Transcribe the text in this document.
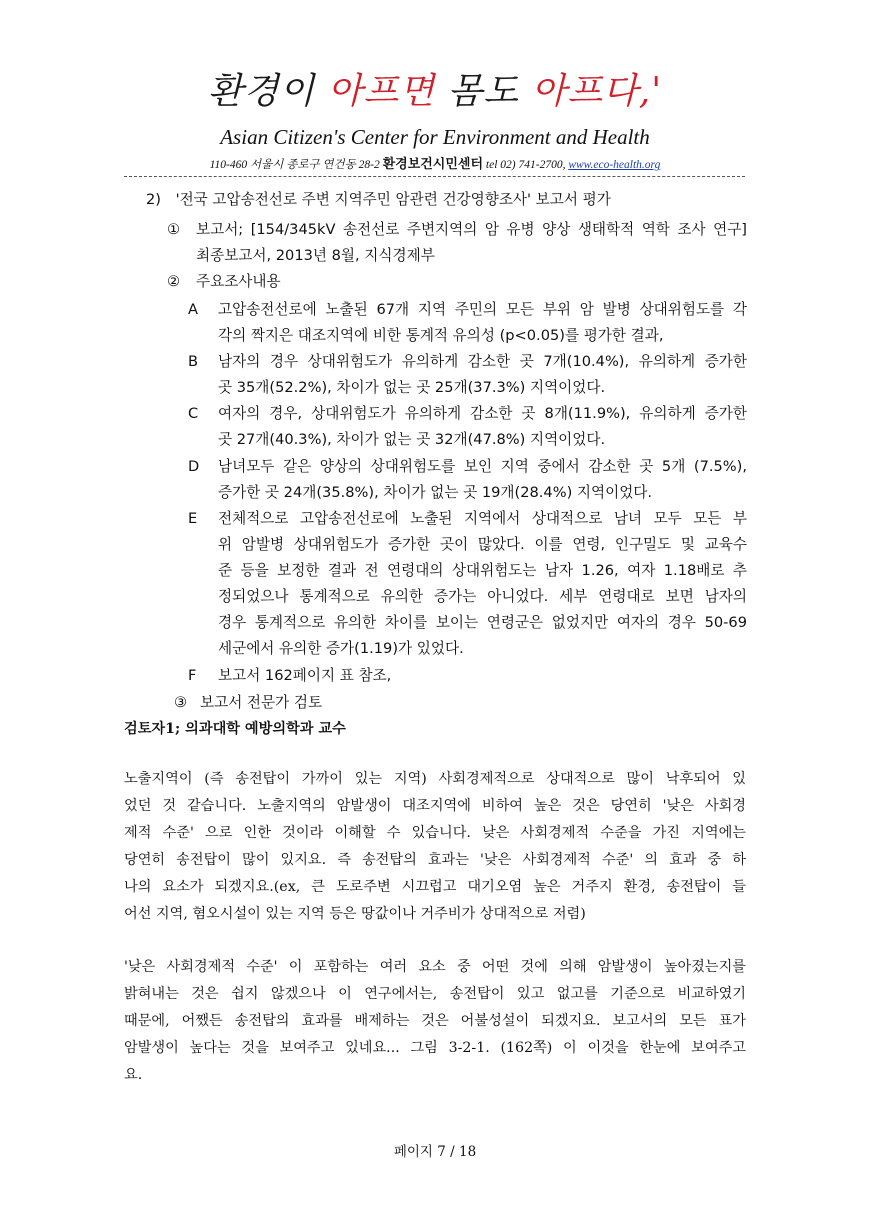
환경이 아프면 몸도 아프다,'
Asian Citizen's Center for Environment and Health
110-460 서울시 종로구 연건동 28-2 환경보건시민센터 tel 02) 741-2700, www.eco-health.org
2)　'전국 고압송전선로 주변 지역주민 암관련 건강영향조사' 보고서 평가
① 보고서; [154/345kV 송전선로 주변지역의 암 유병 양상 생태학적 역학 조사 연구]
최종보고서, 2013년 8월, 지식경제부
② 주요조사내용
A 고압송전선로에 노출된 67개 지역 주민의 모든 부위 암 발병 상대위험도를 각
각의 짝지은 대조지역에 비한 통계적 유의성 (p<0.05)를 평가한 결과,
B 남자의 경우 상대위험도가 유의하게 감소한 곳 7개(10.4%), 유의하게 증가한
곳 35개(52.2%), 차이가 없는 곳 25개(37.3%) 지역이었다.
C 여자의 경우, 상대위험도가 유의하게 감소한 곳 8개(11.9%), 유의하게 증가한
곳 27개(40.3%), 차이가 없는 곳 32개(47.8%) 지역이었다.
D 남녀모두 같은 양상의 상대위험도를 보인 지역 중에서 감소한 곳 5개 (7.5%),
증가한 곳 24개(35.8%), 차이가 없는 곳 19개(28.4%) 지역이었다.
E 전체적으로 고압송전선로에 노출된 지역에서 상대적으로 남녀 모두 모든 부
위 암발병 상대위험도가 증가한 곳이 많았다. 이를 연령, 인구밀도 및 교육수
준 등을 보정한 결과 전 연령대의 상대위험도는 남자 1.26, 여자 1.18배로 추
정되었으나 통계적으로 유의한 증가는 아니었다. 세부 연령대로 보면 남자의
경우 통계적으로 유의한 차이를 보이는 연령군은 없었지만 여자의 경우 50-69
세군에서 유의한 증가(1.19)가 있었다.
F 보고서 162페이지 표 참조,
③ 보고서 전문가 검토
검토자1; 의과대학 예방의학과 교수
노출지역이 (즉 송전탑이 가까이 있는 지역) 사회경제적으로 상대적으로 많이 낙후되어 있
었던 것 같습니다. 노출지역의 암발생이 대조지역에 비하여 높은 것은 당연히 '낮은 사회경
제적 수준' 으로 인한 것이라 이해할 수 있습니다. 낮은 사회경제적 수준을 가진 지역에는
당연히 송전탑이 많이 있지요. 즉 송전탑의 효과는 '낮은 사회경제적 수준' 의 효과 중 하
나의 요소가 되겠지요.(ex, 큰 도로주변 시끄럽고 대기오염 높은 거주지 환경, 송전탑이 들
어선 지역, 혐오시설이 있는 지역 등은 땅값이나 거주비가 상대적으로 저렴)
'낮은 사회경제적 수준' 이 포함하는 여러 요소 중 어떤 것에 의해 암발생이 높아졌는지를
밝혀내는 것은 쉽지 않겠으나 이 연구에서는, 송전탑이 있고 없고를 기준으로 비교하였기
때문에, 어쨌든 송전탑의 효과를 배제하는 것은 어불성설이 되겠지요. 보고서의 모든 표가
암발생이 높다는 것을 보여주고 있네요... 그림 3-2-1. (162쪽) 이 이것을 한눈에 보여주고
요.
페이지 7 / 18
